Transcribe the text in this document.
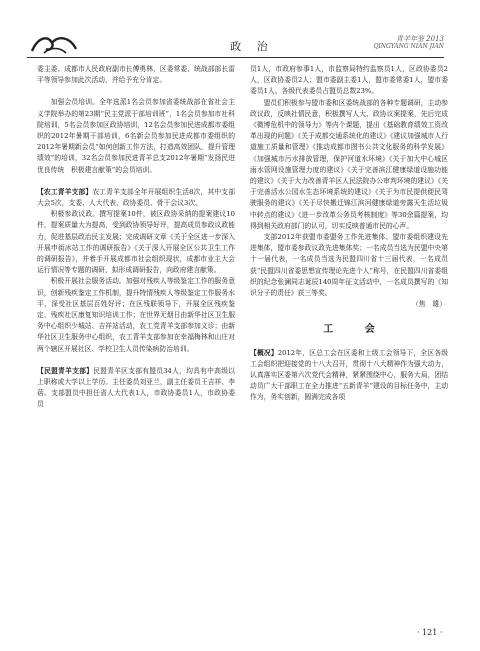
政 治
青羊年鉴 2013
QINGYANG NIAN JIAN

委主委、成都市人民政府副市长傅勇林，区委常委、统战部部长雷平等领导参加此次活动，并给予充分肯定。

加强会员培训。全年选派1名会员参加省委统战部在省社会主义学院举办的第23期“民主党派干部培训班”，1名会员参加市社科院培训，5名会员参加区政协培训，12名会员参加民进成都市委组织的2012年暑期干部培训，6名新会员参加民进成都市委组织的2012年暑期新会员“如何创新工作方法，打造高效团队，提升管理绩效”的培训，32名会员参加民进青羊总支2012年暑期“发扬民进优良传统　积极建言献策”的会员培训。

【农工青羊支部】农工青羊支部全年开展组织生活8次，其中支部大会5次，支委、人大代表、政协委员、骨干会议3次。

积极参政议政。撰写提案10件，被区政协采纳的提案建议10件，提案质量大为提高，受到政协领导好评，提高成员参政议政能力，促进基层政治民主发展；完成调研文章《关于全区进一步深入开展申街冰站工作的调研报告》《关于深入开展全区公共卫生工作的调研报告》，并着手开展成都市社会组织现状，成都市业主大会运行情况等专题的调研，拟形成调研报告，向政府建言献策。

积极开展社会服务活动。加强对残疾人等级鉴定工作的服务意识，创新残疾鉴定工作机制，提升特情残疾人等级鉴定工作服务水平，深受社区基层百姓好评；在区残联领导下，开展全区残疾鉴定、残疾社区康复知识培训工作；在世界无烟日由新华社区卫生服务中心组织少城站、吉祥站活动，农工党青羊支部参加义诊；由新华社区卫生服务中心组织，农工青羊支部参加在幸福梅林和山庄对两个辖区开展社区、学校卫生人员传染病防治培训。

【民盟青羊支部】民盟青羊区支部有盟员34人，均具有中高级以上职称或大学以上学历。主任委员刘亚兰，副主任委员王吉祥、李蓓。支部盟员中担任省人大代表1人，市政协委员1人，市政协委员

员1人，市政府参事1人，市监察局特约监察员1人，区政协委员2人，区政协委员2人；盟市委副主委1人，盟市委常委1人，盟市委委员1人。各级代表委员占盟员总数23%。

盟员们积极参与盟市委和区委统战部的各种专题调研，主动参政议政，反映社情民意，积极撰写人大、政协议案提案，先后完成《微博危机中的领导力》等内个课题，提出《基础教育绩效工资改革出现的问题》《关于成都交通系统化的建议》《建议加强城市人行道施工质量和管理》《推动成都市图书公共文化服务的科学发展》《加强城市污水排放管理，保护河道水环境》《关于加大中心城区雨水管网设施管理力度的建议》《关于完善滨江健康绿道设施功能的建议》《关于大力改善青羊区人民法院办公审判环境的建议》《关于完善活水公园水生态环境系统的建议》《关于为市民提供便民驾驶服务的建议》《关于尽快搬迁锦江滨河健康绿道旁露天生活垃圾中转点的建议》《进一步改革公务员考核制度》等30余篇提案，均得到相关政府部门的认可，切实反映普通市民的心声。

支部2012年获盟市委盟务工作先进集体、盟市委组织建设先进集体，盟市委参政议政先进集体奖；一名成员当选为民盟中央第十一届代表，一名成员当选为民盟四川省十三届代表，一名成员获“民盟四川省委思想宣传理论先进个人”称号，在民盟四川省委组织的纪念张澜同志诞辰140周年征文活动中，一名成员撰写的《知识分子的责任》获三等奖。

（焦　雄）
工 会

【概况】2012年，区总工会在区委和上级工会领导下，全区各级工会组织把迎接党的十八大召开，贯彻十八大精神作为强大动力，认真落实区委第六次党代会精神，紧紧围绕中心，服务大局，团结动员广大干部职工在全力推进“五新青羊”建设的目标任务中，主动作为，务实创新，圆满完成各项

· 121 ·
